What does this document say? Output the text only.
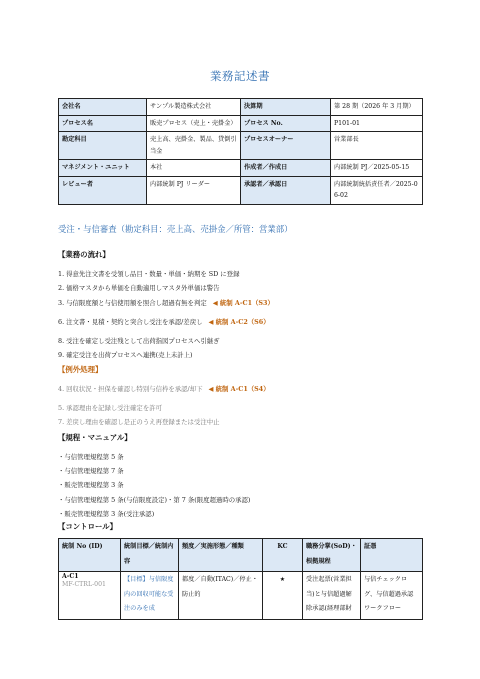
業務記述書
会社名	サンプル製造株式会社	決算期	第 28 期（2026 年 3 月期）
プロセス名	販売プロセス（売上・売掛金）	プロセス No.	P101-01
勘定科目	売上高、売掛金、製品、貸倒引当金	プロセスオーナー	営業部長
マネジメント・ユニット	本社	作成者／作成日	内部統制 PJ／2025-05-15
レビュー者	内部統制 PJ リーダー	承認者／承認日	内部統制統括責任者／2025-06-02
受注・与信審査（勘定科目：売上高、売掛金／所管：営業部）
【業務の流れ】
1. 得意先注文書を受領し品目・数量・単価・納期を SD に登録
2. 価格マスタから単価を自動適用しマスタ外単価は警告
3. 与信限度額と与信使用額を照合し超過有無を判定 ◀ 統制 A-C1（S3）
6. 注文書・見積・契約と突合し受注を承認/差戻し ◀ 統制 A-C2（S6）
8. 受注を確定し受注残として出荷指図プロセスへ引継ぎ
9. 確定受注を出荷プロセスへ連携(売上未計上)
【例外処理】
4. 回収状況・担保を確認し特別与信枠を承認/却下 ◀ 統制 A-C1（S4）
5. 承認理由を記録し受注確定を許可
7. 差戻し理由を確認し是正のうえ再登録または受注中止
【規程・マニュアル】
・与信管理規程第 5 条
・与信管理規程第 7 条
・販売管理規程第 3 条
・与信管理規程第 5 条(与信限度設定)・第 7 条(限度超過時の承認)
・販売管理規程第 3 条(受注承認)
【コントロール】
統制 No (ID)	統制目標／統制内容	頻度／実施形態／種類	KC	職務分掌(SoD)・根拠規程	証憑

A-C1
MF-CTRL-001	【目標】与信限度内の回収可能な受注のみを成	都度／自動(ITAC)／停止・防止的	★	受注起票(営業担当)と与信超過解除承認(経理部財	与信チェックログ、与信超過承認ワークフロー
